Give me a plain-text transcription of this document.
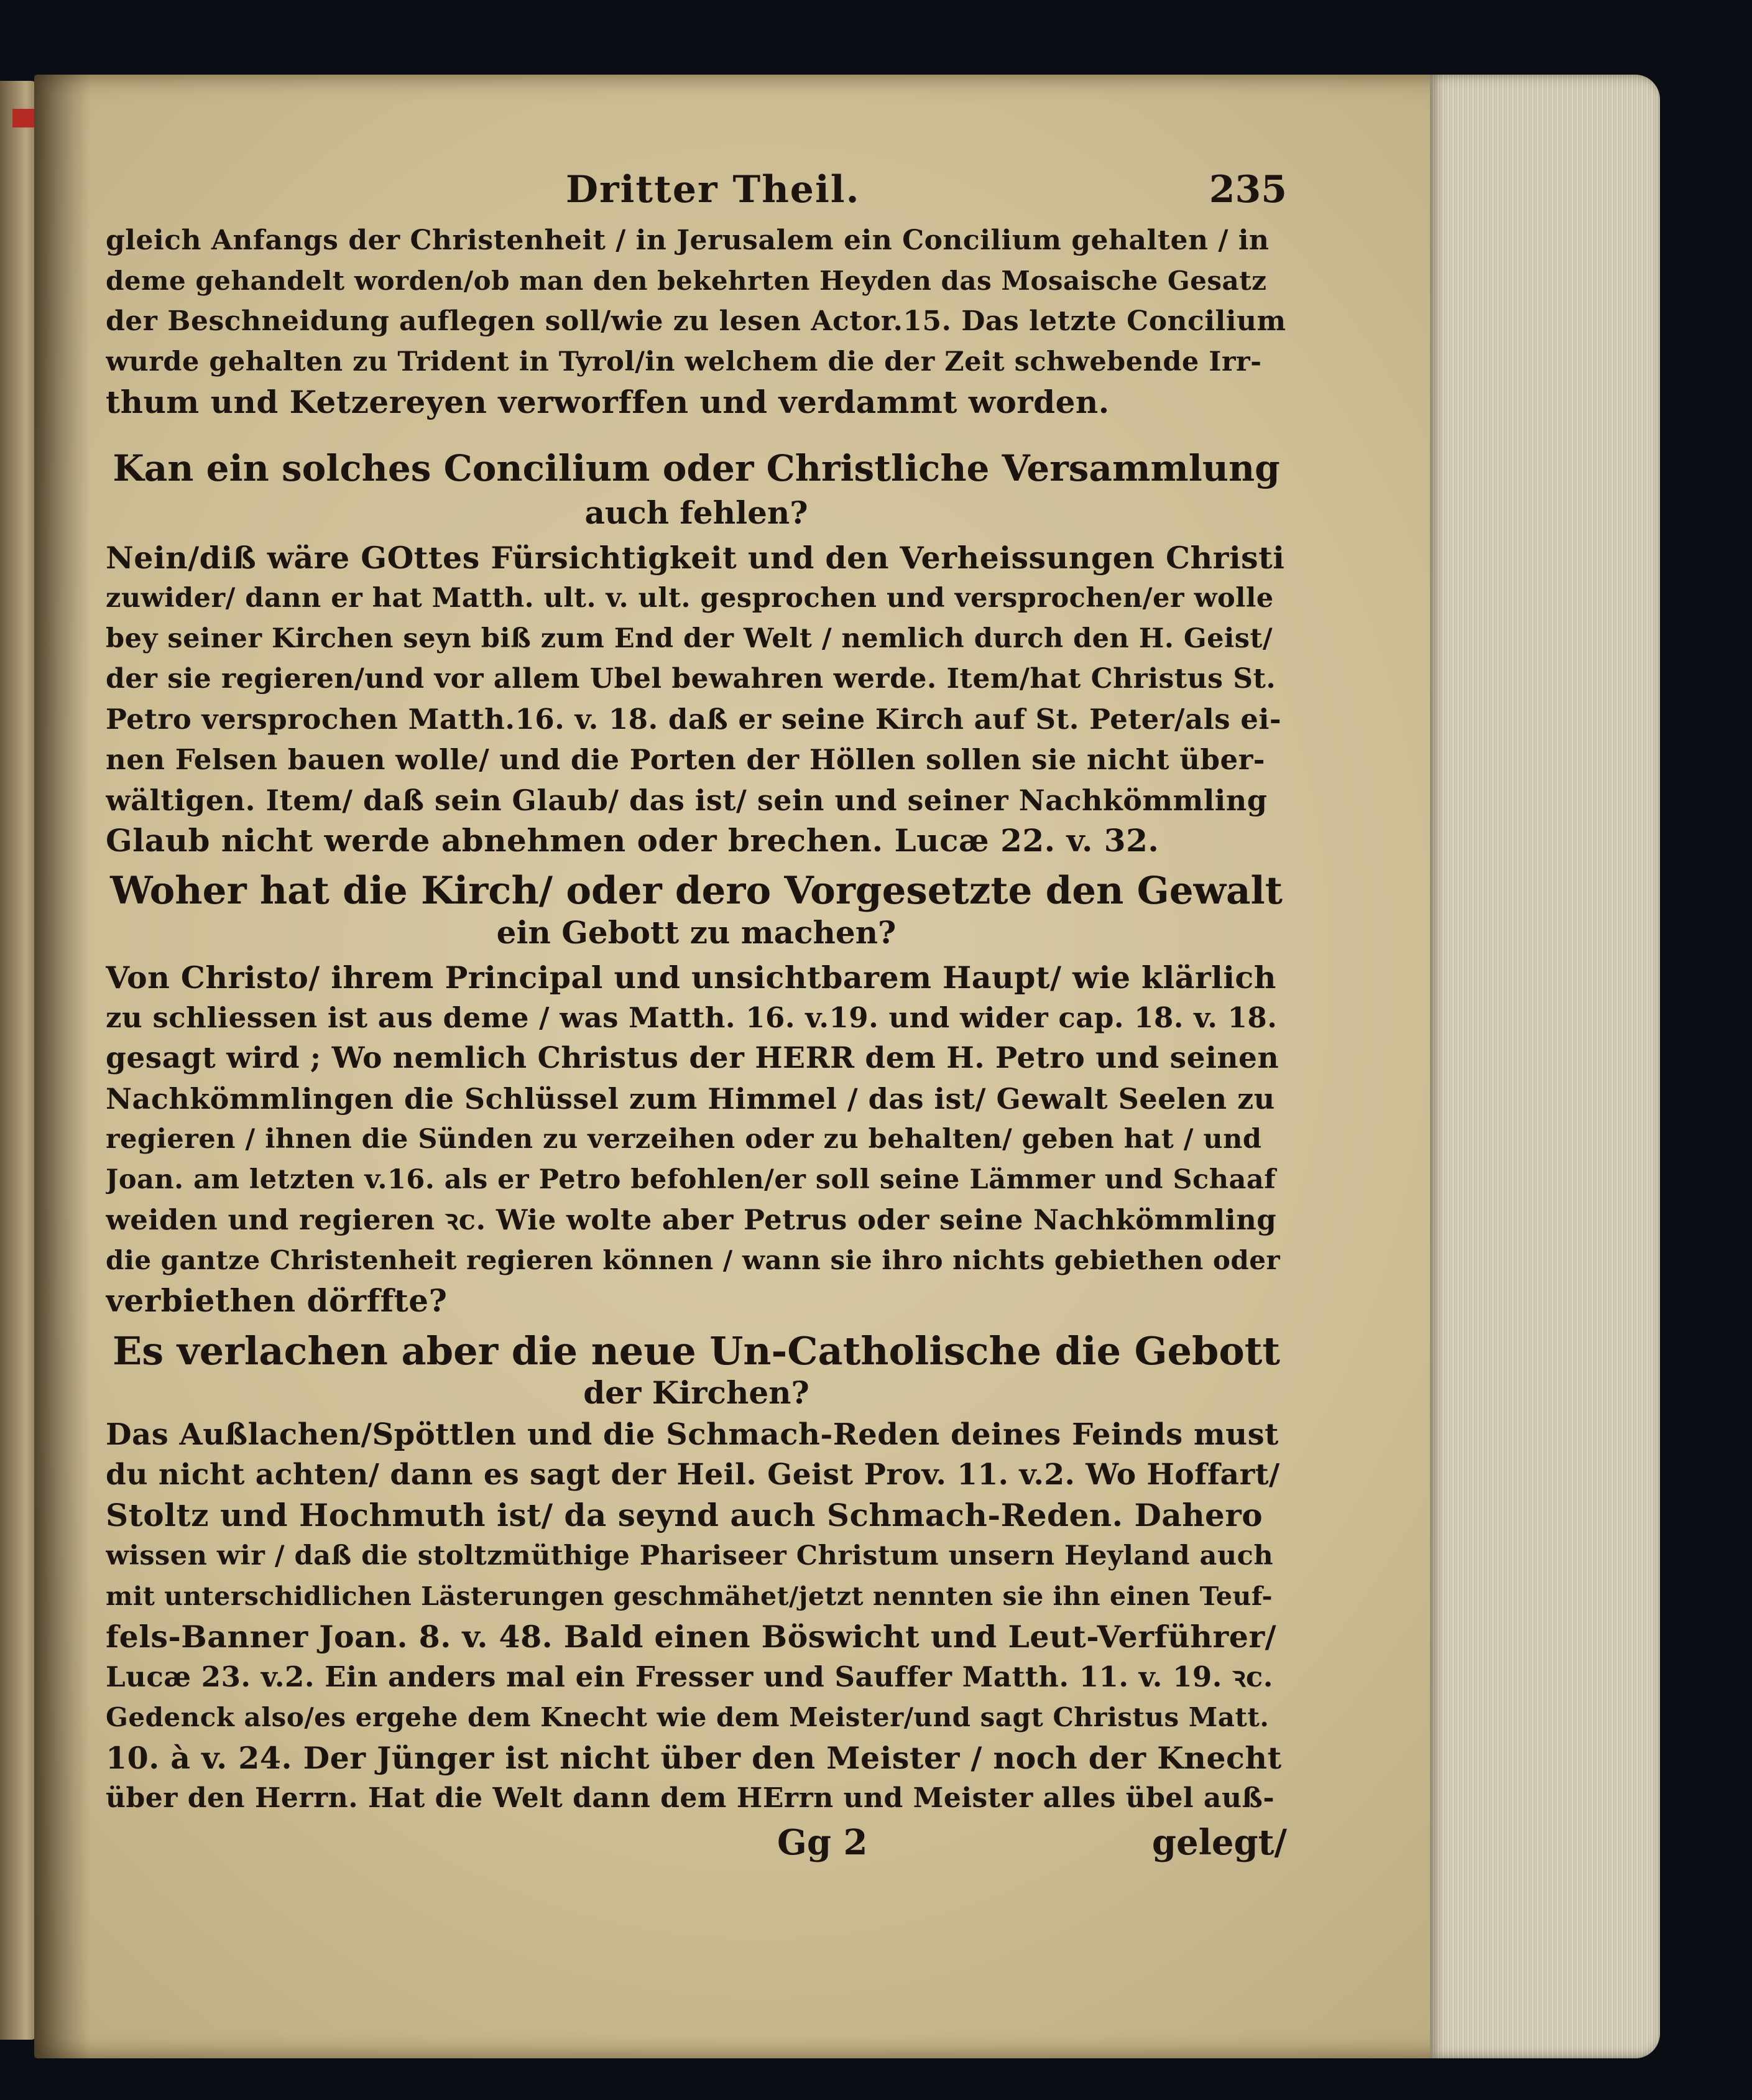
Dritter Theil.	235
gleich Anfangs der Christenheit / in Jerusalem ein Concilium gehalten / in
deme gehandelt worden/ob man den bekehrten Heyden das Mosaische Gesatz
der Beschneidung auflegen soll/wie zu lesen Actor.15. Das letzte Concilium
wurde gehalten zu Trident in Tyrol/in welchem die der Zeit schwebende Irr-
thum und Ketzereyen verworffen und verdammt worden.
Kan ein solches Concilium oder Christliche Versammlung
auch fehlen?
Nein/diß wäre GOttes Fürsichtigkeit und den Verheissungen Christi
zuwider/ dann er hat Matth. ult. v. ult. gesprochen und versprochen/er wolle
bey seiner Kirchen seyn biß zum End der Welt / nemlich durch den H. Geist/
der sie regieren/und vor allem Ubel bewahren werde. Item/hat Christus St.
Petro versprochen Matth.16. v. 18. daß er seine Kirch auf St. Peter/als ei-
nen Felsen bauen wolle/ und die Porten der Höllen sollen sie nicht über-
wältigen. Item/ daß sein Glaub/ das ist/ sein und seiner Nachkömmling
Glaub nicht werde abnehmen oder brechen. Lucæ 22. v. 32.
Woher hat die Kirch/ oder dero Vorgesetzte den Gewalt
ein Gebott zu machen?
Von Christo/ ihrem Principal und unsichtbarem Haupt/ wie klärlich
zu schliessen ist aus deme / was Matth. 16. v.19. und wider cap. 18. v. 18.
gesagt wird ; Wo nemlich Christus der HERR dem H. Petro und seinen
Nachkömmlingen die Schlüssel zum Himmel / das ist/ Gewalt Seelen zu
regieren / ihnen die Sünden zu verzeihen oder zu behalten/ geben hat / und
Joan. am letzten v.16. als er Petro befohlen/er soll seine Lämmer und Schaaf
weiden und regieren ꝛc. Wie wolte aber Petrus oder seine Nachkömmling
die gantze Christenheit regieren können / wann sie ihro nichts gebiethen oder
verbiethen dörffte?
Es verlachen aber die neue Un-Catholische die Gebott
der Kirchen?
Das Außlachen/Spöttlen und die Schmach-Reden deines Feinds must
du nicht achten/ dann es sagt der Heil. Geist Prov. 11. v.2. Wo Hoffart/
Stoltz und Hochmuth ist/ da seynd auch Schmach-Reden. Dahero
wissen wir / daß die stoltzmüthige Phariseer Christum unsern Heyland auch
mit unterschidlichen Lästerungen geschmähet/jetzt nennten sie ihn einen Teuf-
fels-Banner Joan. 8. v. 48. Bald einen Böswicht und Leut-Verführer/
Lucæ 23. v.2. Ein anders mal ein Fresser und Sauffer Matth. 11. v. 19. ꝛc.
Gedenck also/es ergehe dem Knecht wie dem Meister/und sagt Christus Matt.
10. à v. 24. Der Jünger ist nicht über den Meister / noch der Knecht
über den Herrn. Hat die Welt dann dem HErrn und Meister alles übel auß-
Gg 2	gelegt/
